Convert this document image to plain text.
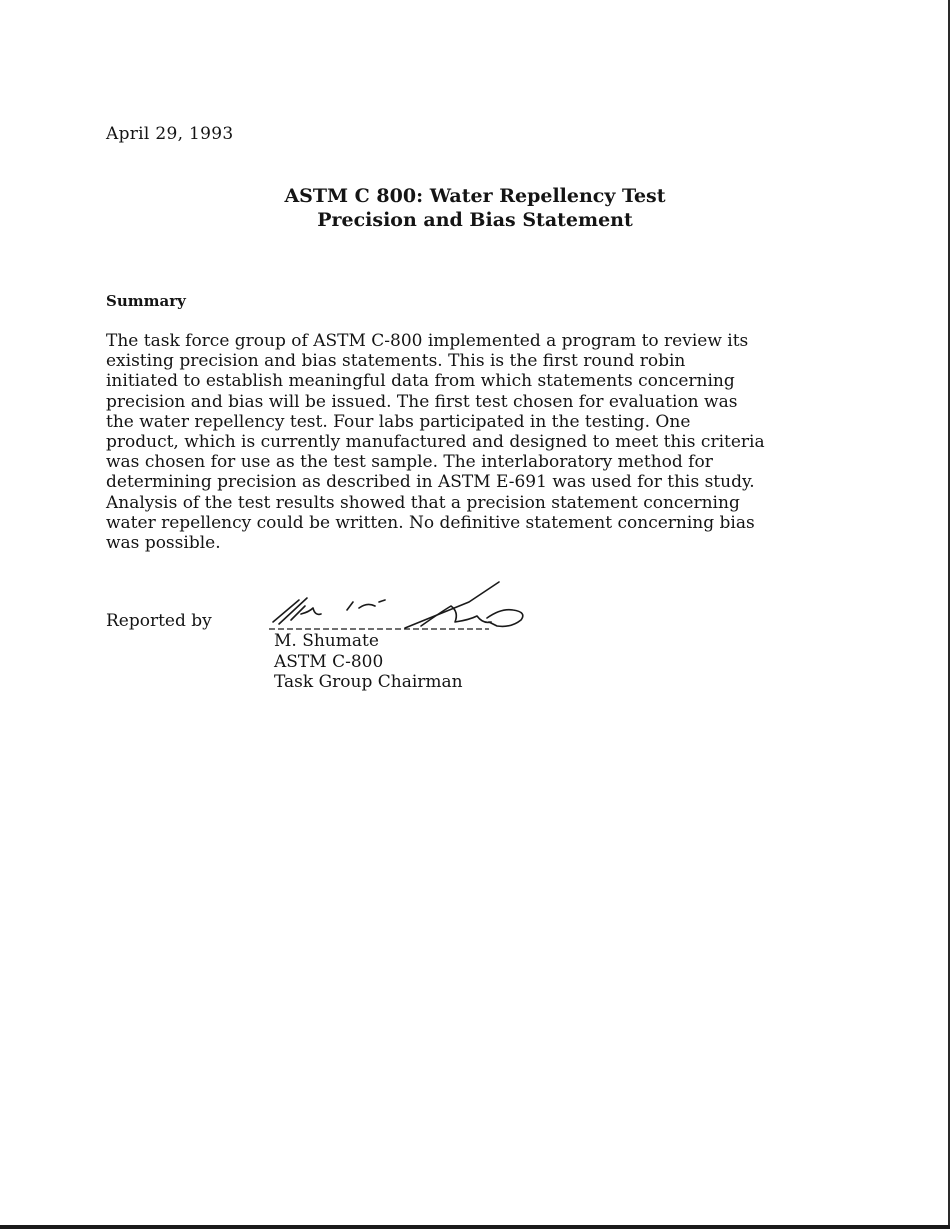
April 29, 1993
ASTM C 800: Water Repellency Test
Precision and Bias Statement
Summary

The task force group of ASTM C-800 implemented a program to review its
existing precision and bias statements. This is the first round robin
initiated to establish meaningful data from which statements concerning
precision and bias will be issued. The first test chosen for evaluation was
the water repellency test. Four labs participated in the testing. One
product, which is currently manufactured and designed to meet this criteria
was chosen for use as the test sample. The interlaboratory method for
determining precision as described in ASTM E-691 was used for this study.
Analysis of the test results showed that a precision statement concerning
water repellency could be written. No definitive statement concerning bias
was possible.

Reported by
M. Shumate
ASTM C-800
Task Group Chairman
